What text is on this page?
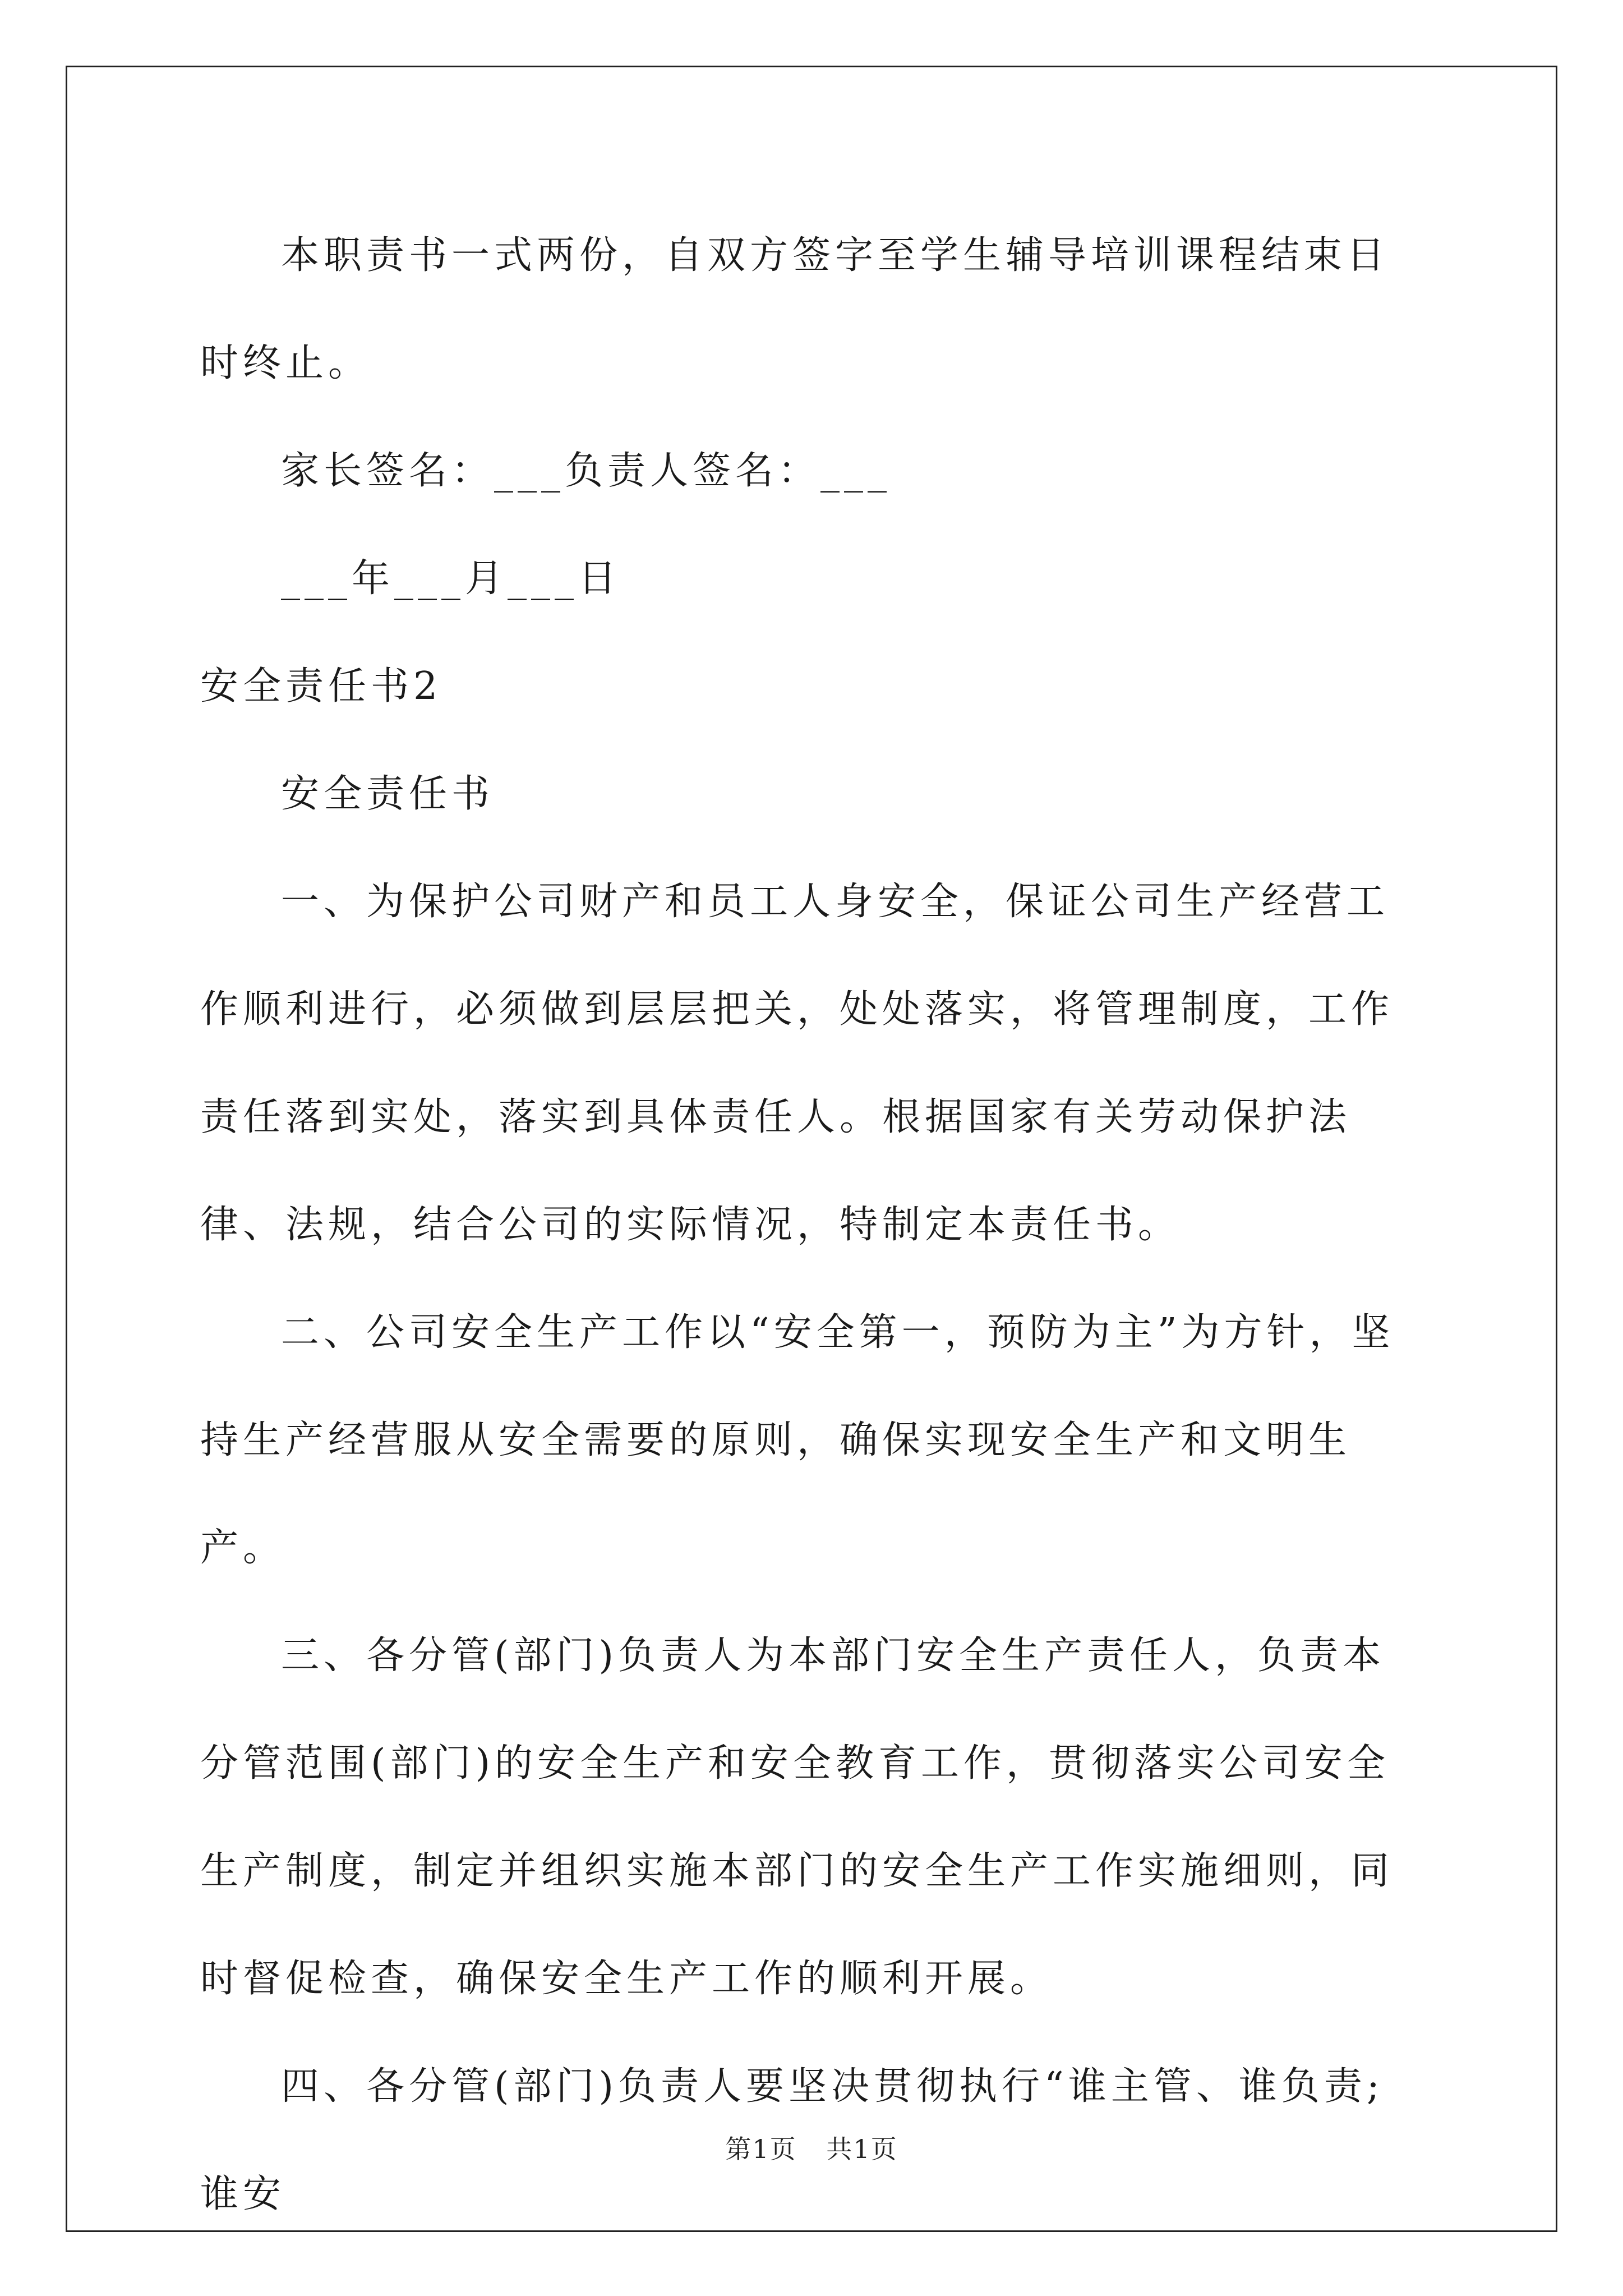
本职责书一式两份，自双方签字至学生辅导培训课程结束日时终止。

家长签名：___负责人签名：___

___年___月___日

安全责任书2

安全责任书

一、为保护公司财产和员工人身安全，保证公司生产经营工作顺利进行，必须做到层层把关，处处落实，将管理制度，工作责任落到实处，落实到具体责任人。根据国家有关劳动保护法律、法规，结合公司的实际情况，特制定本责任书。

二、公司安全生产工作以“安全第一，预防为主”为方针，坚持生产经营服从安全需要的原则，确保实现安全生产和文明生产。

三、各分管(部门)负责人为本部门安全生产责任人，负责本分管范围(部门)的安全生产和安全教育工作，贯彻落实公司安全生产制度，制定并组织实施本部门的安全生产工作实施细则，同时督促检查，确保安全生产工作的顺利开展。

四、各分管(部门)负责人要坚决贯彻执行“谁主管、谁负责;谁安

第1页 共1页
